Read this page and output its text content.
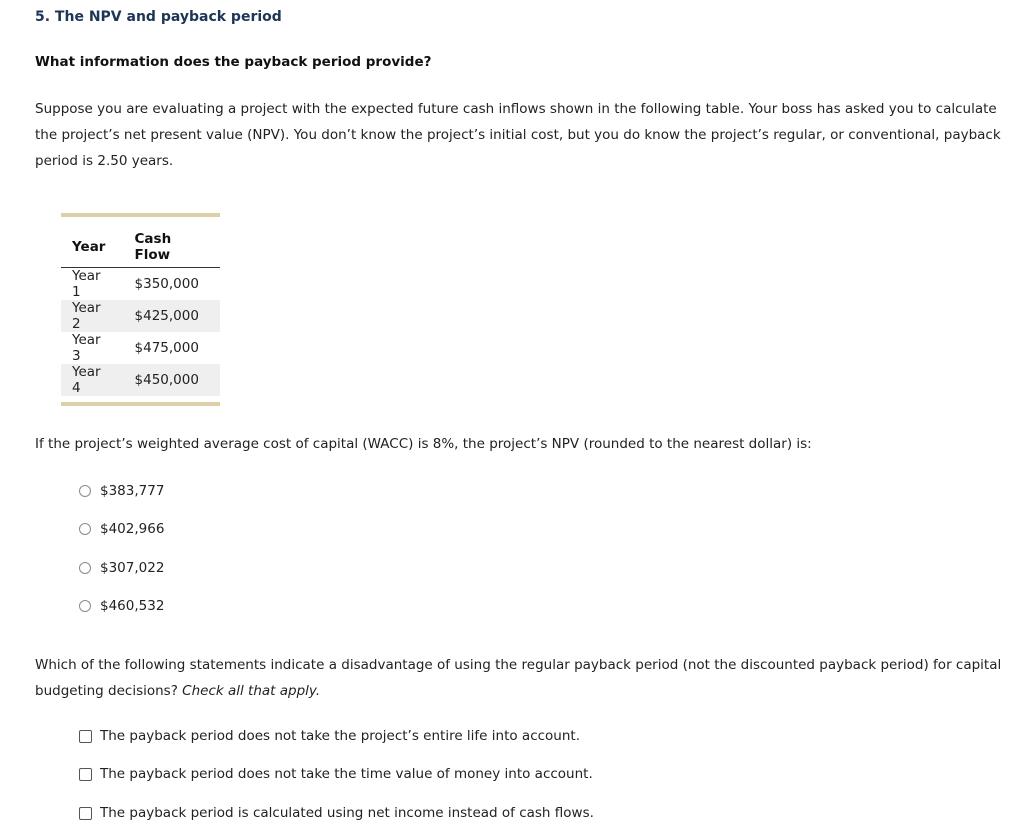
5. The NPV and payback period
What information does the payback period provide?

Suppose you are evaluating a project with the expected future cash inflows shown in the following table. Your boss has asked you to calculate the project’s net present value (NPV). You don’t know the project’s initial cost, but you do know the project’s regular, or conventional, payback period is 2.50 years.

Year	Cash Flow
Year 1	$350,000
Year 2	$425,000
Year 3	$475,000
Year 4	$450,000
If the project’s weighted average cost of capital (WACC) is 8%, the project’s NPV (rounded to the nearest dollar) is:
$383,777
$402,966
$307,022
$460,532

Which of the following statements indicate a disadvantage of using the regular payback period (not the discounted payback period) for capital budgeting decisions? Check all that apply.

The payback period does not take the project’s entire life into account.
The payback period does not take the time value of money into account.
The payback period is calculated using net income instead of cash flows.
